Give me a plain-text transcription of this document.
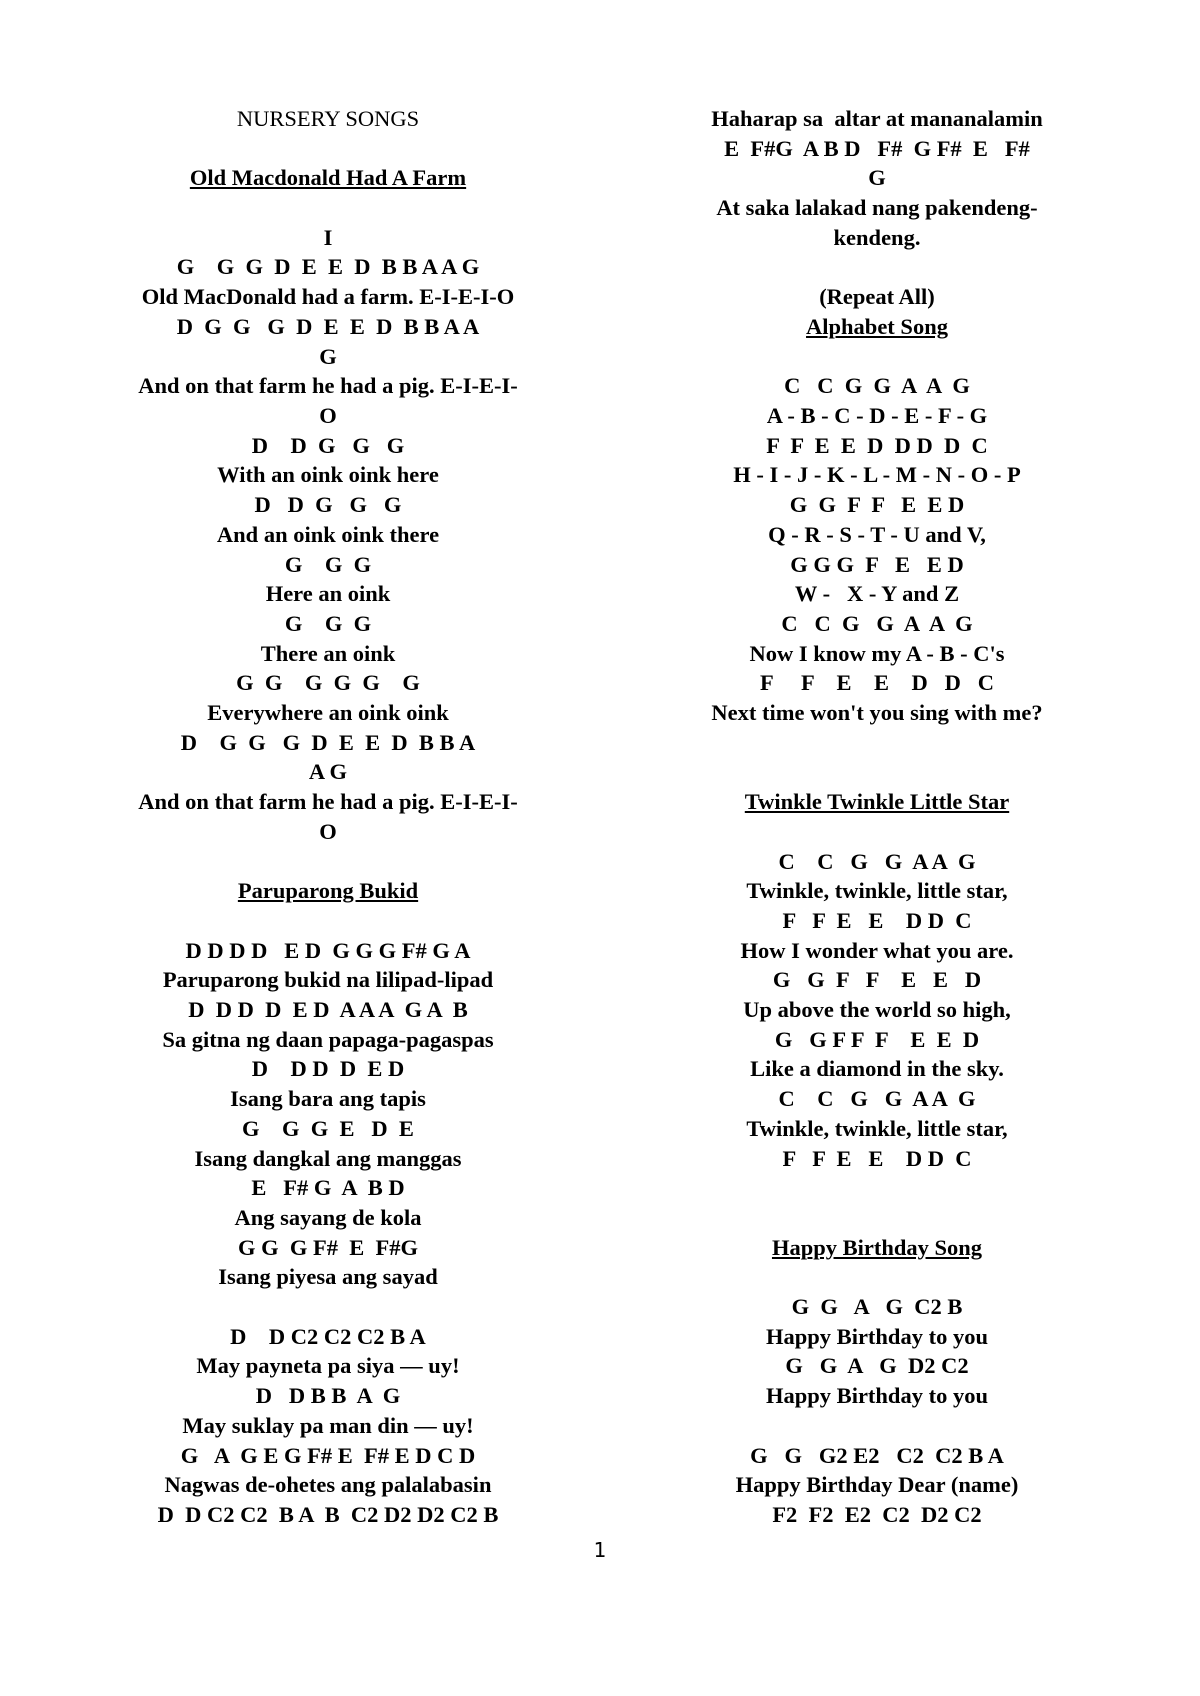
NURSERY SONGS
Old Macdonald Had A Farm
I
G    G  G  D  E  E  D  B B A A G
Old MacDonald had a farm. E-I-E-I-O
D  G  G   G  D  E  E  D  B B A A
G
And on that farm he had a pig. E-I-E-I-
O
D    D  G   G   G
With an oink oink here
D   D  G   G   G
And an oink oink there
G    G  G
Here an oink
G    G  G
There an oink
G  G    G  G  G    G
Everywhere an oink oink
D    G  G   G  D  E  E  D  B B A
A G
And on that farm he had a pig. E-I-E-I-
O
Paruparong Bukid
D D D D   E D  G G G F# G A
Paruparong bukid na lilipad-lipad
D  D D  D  E D  A A A  G A  B
Sa gitna ng daan papaga-pagaspas
D    D D  D  E D
Isang bara ang tapis
G    G  G  E   D  E
Isang dangkal ang manggas
E   F# G  A  B D
Ang sayang de kola
G G  G F#  E  F#G
Isang piyesa ang sayad
D    D C2 C2 C2 B A
May payneta pa siya — uy!
D   D B B  A  G
May suklay pa man din — uy!
G   A  G E G F# E  F# E D C D
Nagwas de-ohetes ang palalabasin
D  D C2 C2  B A  B  C2 D2 D2 C2 B
Haharap sa  altar at mananalamin
E  F#G  A B D   F#  G F#  E   F#
G
At saka lalakad nang pakendeng-
kendeng.
(Repeat All)
Alphabet Song
C   C  G  G  A  A  G
A - B - C - D - E - F - G
F  F  E  E  D  D D  D  C
H - I - J - K - L - M - N - O - P
G  G  F  F   E  E D
Q - R - S - T - U and V,
G G G  F   E   E D
W -   X - Y and Z
C   C  G   G  A  A  G
Now I know my A - B - C's
F     F    E    E    D   D   C
Next time won't you sing with me?
Twinkle Twinkle Little Star
C    C   G   G  A A  G
Twinkle, twinkle, little star,
F   F  E   E    D D  C
How I wonder what you are.
G   G  F   F    E   E   D
Up above the world so high,
G   G F F  F    E  E  D
Like a diamond in the sky.
C    C   G   G  A A  G
Twinkle, twinkle, little star,
F   F  E   E    D D  C
Happy Birthday Song
G  G   A   G  C2 B
Happy Birthday to you
G   G  A   G  D2 C2
Happy Birthday to you
G   G   G2 E2   C2  C2 B A
Happy Birthday Dear (name)
F2  F2  E2  C2  D2 C2
1
